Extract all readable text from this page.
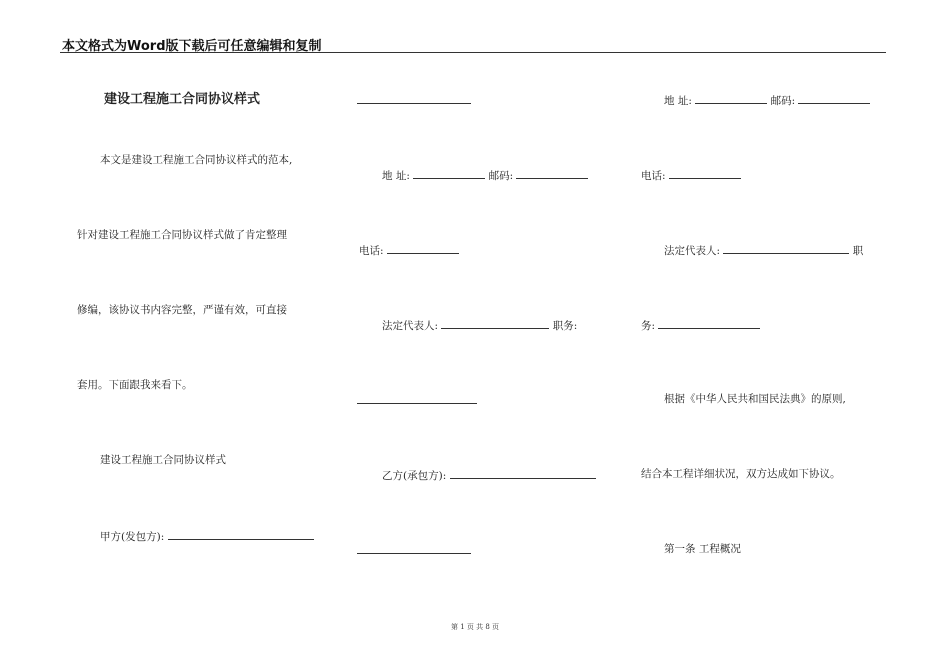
本文格式为Word版下载后可任意编辑和复制
建设工程施工合同协议样式
本文是建设工程施工合同协议样式的范本,
针对建设工程施工合同协议样式做了肯定整理
修编，该协议书内容完整，严谨有效，可直接
套用。下面跟我来看下。
建设工程施工合同协议样式
甲方(发包方):
地 址:	邮码:
电话:
法定代表人:	职务:
乙方(承包方):
地 址:	邮码:
电话:
法定代表人:	职
务:
根据《中华人民共和国民法典》的原则,
结合本工程详细状况，双方达成如下协议。
第一条 工程概况
第 1 页 共 8 页
